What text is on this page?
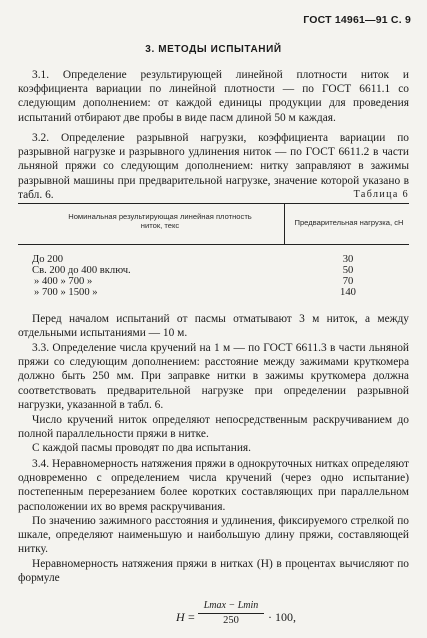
ГОСТ 14961—91 С. 9
3. МЕТОДЫ ИСПЫТАНИЙ

3.1. Определение результирующей линейной плотности ниток и коэффициента вариации по линейной плотности — по ГОСТ 6611.1 со следующим дополнением: от каждой единицы продукции для проведения испытаний отбирают две пробы в виде пасм длиной 50 м каждая.

3.2. Определение разрывной нагрузки, коэффициента вариации по разрывной нагрузке и разрывного удлинения ниток — по ГОСТ 6611.2 в части льняной пряжи со следующим дополнением: нитку заправляют в зажимы разрывной машины при предварительной нагрузке, значение которой указано в табл. 6.	Таблица 6
Номинальная результирующая линейная плотность ниток, текс	Предварительная нагрузка, сН
До 200	30
Св. 200 до 400 включ.	50
» 400 » 700 »	70
» 700 » 1500 »	140

Перед началом испытаний от пасмы отматывают 3 м ниток, а между отдельными испытаниями — 10 м.

3.3. Определение числа кручений на 1 м — по ГОСТ 6611.3 в части льняной пряжи со следующим дополнением: расстояние между зажимами круткомера должно быть 250 мм. При заправке нитки в зажимы круткомера должна соответствовать предварительной нагрузке при определении разрывной нагрузки, указанной в табл. 6.

Число кручений ниток определяют непосредственным раскручиванием до полной параллельности пряжи в нитке.

С каждой пасмы проводят по два испытания.

3.4. Неравномерность натяжения пряжи в однокруточных нитках определяют одновременно с определением числа кручений (через одно испытание) постепенным перерезанием более коротких составляющих при параллельном расположении их во время раскручивания.

По значению зажимного расстояния и удлинения, фиксируемого стрелкой по шкале, определяют наименьшую и наибольшую длину пряжи, составляющей нитку.

Неравномерность натяжения пряжи в нитках (H) в процентах вычисляют по формуле

H =
Lmax − Lmin
250	· 100,
